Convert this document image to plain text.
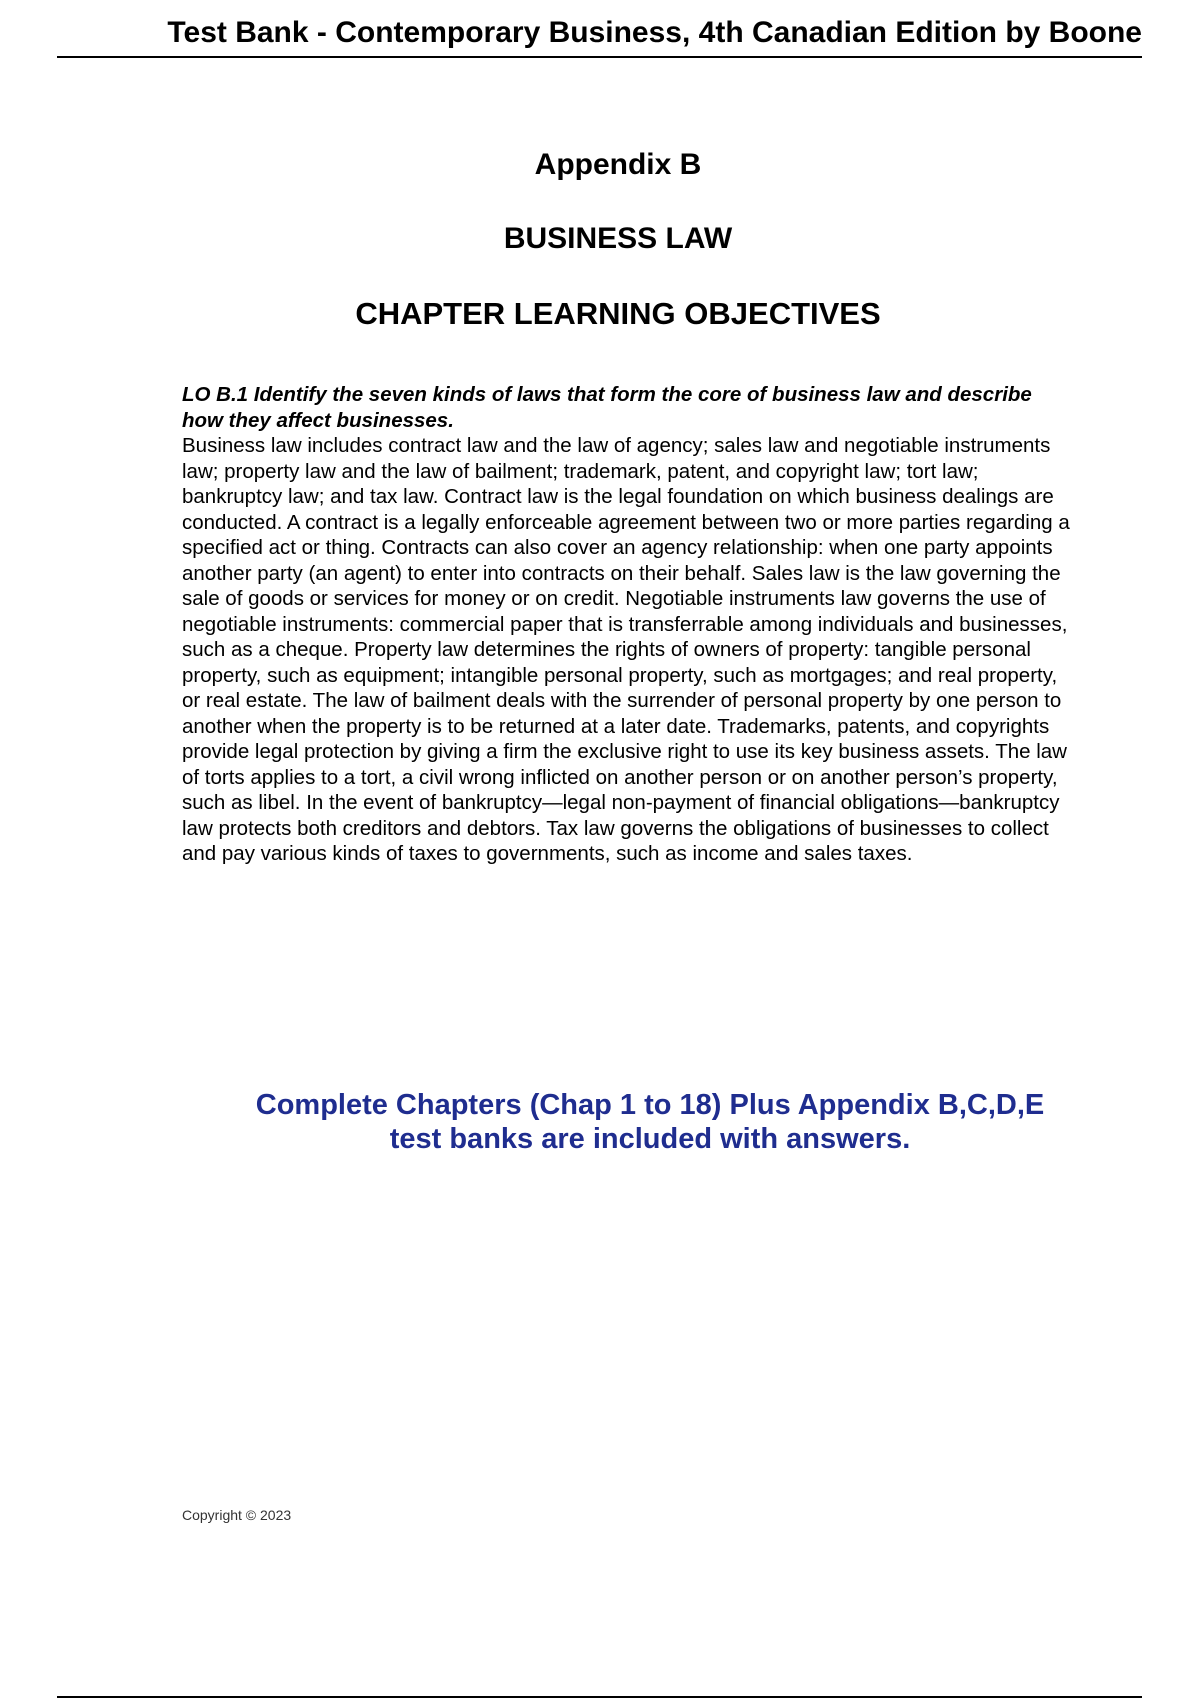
Test Bank - Contemporary Business, 4th Canadian Edition by Boone
Appendix B
BUSINESS LAW
CHAPTER LEARNING OBJECTIVES

LO B.1 Identify the seven kinds of laws that form the core of business law and describe how they affect businesses.

Business law includes contract law and the law of agency; sales law and negotiable instruments law; property law and the law of bailment; trademark, patent, and copyright law; tort law; bankruptcy law; and tax law. Contract law is the legal foundation on which business dealings are conducted. A contract is a legally enforceable agreement between two or more parties regarding a specified act or thing. Contracts can also cover an agency relationship: when one party appoints another party (an agent) to enter into contracts on their behalf. Sales law is the law governing the sale of goods or services for money or on credit. Negotiable instruments law governs the use of negotiable instruments: commercial paper that is transferrable among individuals and businesses, such as a cheque. Property law determines the rights of owners of property: tangible personal property, such as equipment; intangible personal property, such as mortgages; and real property, or real estate. The law of bailment deals with the surrender of personal property by one person to another when the property is to be returned at a later date. Trademarks, patents, and copyrights provide legal protection by giving a firm the exclusive right to use its key business assets. The law of torts applies to a tort, a civil wrong inflicted on another person or on another person’s property, such as libel. In the event of bankruptcy—legal non-payment of financial obligations—bankruptcy law protects both creditors and debtors. Tax law governs the obligations of businesses to collect and pay various kinds of taxes to governments, such as income and sales taxes.

Complete Chapters (Chap 1 to 18) Plus Appendix B,C,D,E
test banks are included with answers.
Copyright © 2023
